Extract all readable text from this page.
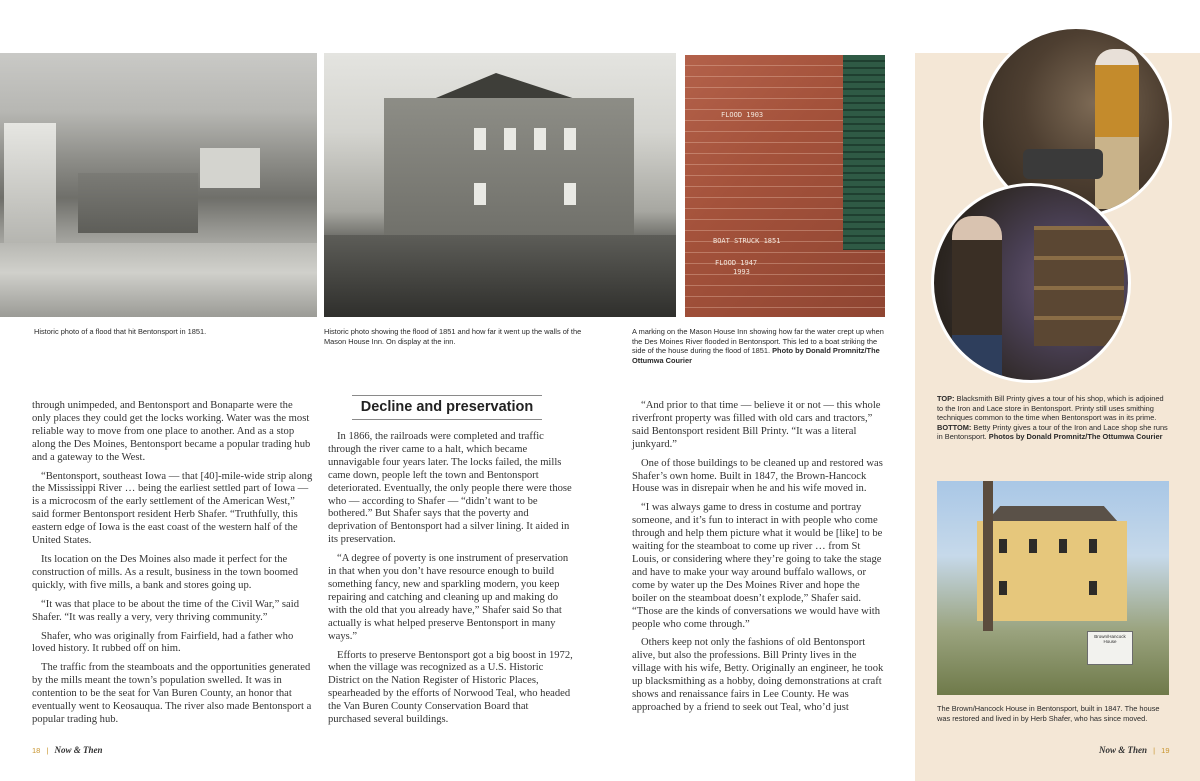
FLOOD 1903
BOAT STRUCK 1851
FLOOD 1947
1993
Brown/Hancock House
Historic photo of a flood that hit Bentonsport in 1851.	Historic photo showing the flood of 1851 and how far it went up the walls of the Mason House Inn. On display at the inn.
A marking on the Mason House Inn showing how far the water crept up when the Des Moines River flooded in Bentonsport. This led to a boat striking the side of the house during the flood of 1851. Photo by Donald Promnitz/The Ottumwa Courier
TOP: Blacksmith Bill Printy gives a tour of his shop, which is adjoined to the Iron and Lace store in Bentonsport. Printy still uses smithing techniques common to the time when Bentonsport was in its prime. BOTTOM: Betty Printy gives a tour of the Iron and Lace shop she runs in Bentonsport. Photos by Donald Promnitz/The Ottumwa Courier
The Brown/Hancock House in Bentonsport, built in 1847. The house was restored and lived in by Herb Shafer, who has since moved.

through unimpeded, and Bentonsport and Bonaparte were the only places they could get the locks working. Water was the most reliable way to move from one place to another. And as a stop along the Des Moines, Bentonsport became a popular trading hub and a gateway to the West.

“Bentonsport, southeast Iowa — that [40]-mile-wide strip along the Mississippi River … being the earliest settled part of Iowa — is a microcosm of the early settlement of the American West,” said former Bentonsport resident Herb Shafer. “Truthfully, this eastern edge of Iowa is the east coast of the western half of the United States.

Its location on the Des Moines also made it perfect for the construction of mills. As a result, business in the town boomed quickly, with five mills, a bank and stores going up.

“It was that place to be about the time of the Civil War,” said Shafer. “It was really a very, very thriving community.”

Shafer, who was originally from Fairfield, had a father who loved history. It rubbed off on him.

The traffic from the steamboats and the opportunities generated by the mills meant the town’s population swelled. It was in contention to be the seat for Van Buren County, an honor that eventually went to Keosauqua. The river also made Bentonsport a popular trading hub.

Decline and preservation

In 1866, the railroads were completed and traffic through the river came to a halt, which became unnavigable four years later. The locks failed, the mills came down, people left the town and Bentonsport deteriorated. Eventually, the only people there were those who — according to Shafer — “didn’t want to be bothered.” But Shafer says that the poverty and deprivation of Bentonsport had a silver lining. It aided in its preservation.

“A degree of poverty is one instrument of preservation in that when you don’t have resource enough to build something fancy, new and sparkling modern, you keep repairing and catching and cleaning up and making do with the old that you already have,” Shafer said So that actually is what helped preserve Bentonsport in many ways.”

Efforts to preserve Bentonsport got a big boost in 1972, when the village was recognized as a U.S. Historic District on the Nation Register of Historic Places, spearheaded by the efforts of Norwood Teal, who headed the Van Buren County Conservation Board that purchased several buildings.

“And prior to that time — believe it or not — this whole riverfront property was filled with old cars and tractors,” said Bentonsport resident Bill Printy. “It was a literal junkyard.”

One of those buildings to be cleaned up and restored was Shafer’s own home. Built in 1847, the Brown-Hancock House was in disrepair when he and his wife moved in.

“I was always game to dress in costume and portray someone, and it’s fun to interact in with people who come through and help them picture what it would be [like] to be waiting for the steamboat to come up river … from St Louis, or considering where they’re going to take the stage and have to make your way around buffalo wallows, or come by water up the Des Moines River and hope the boiler on the steamboat doesn’t explode,” Shafer said. “Those are the kinds of conversations we would have with people who come through.”

Others keep not only the fashions of old Bentonsport alive, but also the professions. Bill Printy lives in the village with his wife, Betty. Originally an engineer, he took up blacksmithing as a hobby, doing demonstrations at craft shows and renaissance fairs in Lee County. He was approached by a friend to seek out Teal, who’d just

18 | Now & Then	Now & Then | 19
